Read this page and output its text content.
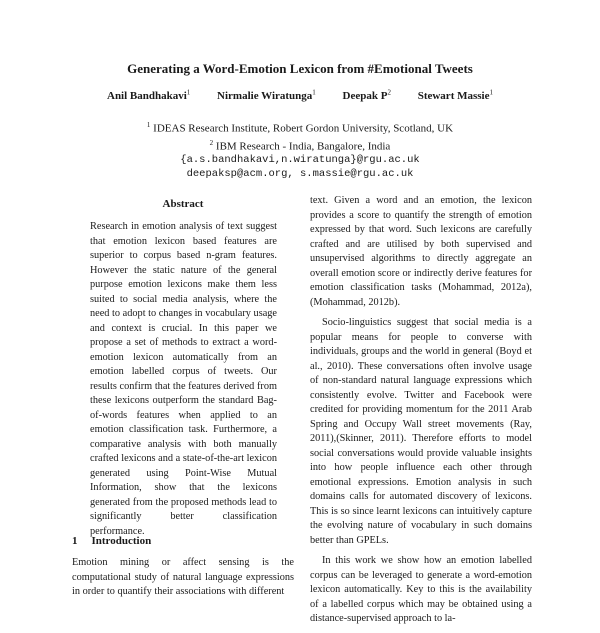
Generating a Word-Emotion Lexicon from #Emotional Tweets
Anil Bandhakavi$^1$ Nirmalie Wiratunga$^1$ Deepak $P^2$ Stewart Massie$^1$
$^1$ IDEAS Research Institute, Robert Gordon University, Scotland, UK
$^2$ IBM Research - India, Bangalore, India
{a.s.bandhakavi,n.wiratunga}@rgu.ac.uk
deepaksp@acm.org, s.massie@rgu.ac.uk
Abstract
Research in emotion analysis of text suggest that emotion lexicon based features are superior to corpus based n-gram features. However the static nature of the general purpose emotion lexicons make them less suited to social media analysis, where the need to adopt to changes in vocabulary usage and context is crucial. In this paper we propose a set of methods to extract a word-emotion lexicon automatically from an emotion labelled corpus of tweets. Our results confirm that the features derived from these lexicons outperform the standard Bag-of-words features when applied to an emotion classification task. Furthermore, a comparative analysis with both manually crafted lexicons and a state-of-the-art lexicon generated using Point-Wise Mutual Information, show that the lexicons generated from the proposed methods lead to significantly better classification performance.
1 Introduction
Emotion mining or affect sensing is the computational study of natural language expressions in order to quantify their associations with different

text. Given a word and an emotion, the lexicon provides a score to quantify the strength of emotion expressed by that word. Such lexicons are carefully crafted and are utilised by both supervised and unsupervised algorithms to directly aggregate an overall emotion score or indirectly derive features for emotion classification tasks (Mohammad, 2012a), (Mohammad, 2012b).

Socio-linguistics suggest that social media is a popular means for people to converse with individuals, groups and the world in general (Boyd et al., 2010). These conversations often involve usage of non-standard natural language expressions which consistently evolve. Twitter and Facebook were credited for providing momentum for the 2011 Arab Spring and Occupy Wall street movements (Ray, 2011),(Skinner, 2011). Therefore efforts to model social conversations would provide valuable insights into how people influence each other through emotional expressions. Emotion analysis in such domains calls for automated discovery of lexicons. This is so since learnt lexicons can intuitively capture the evolving nature of vocabulary in such domains better than GPELs.

In this work we show how an emotion labelled corpus can be leveraged to generate a word-emotion lexicon automatically. Key to this is the availability of a labelled corpus which may be obtained using a distance-supervised approach to la-
